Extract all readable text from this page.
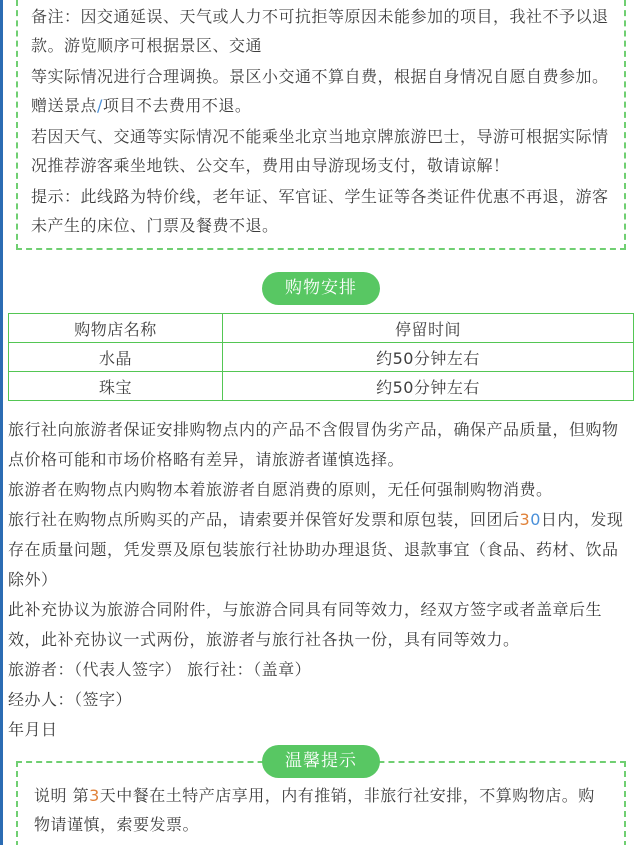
备注：因交通延误、天气或人力不可抗拒等原因未能参加的项目，我社不予以退款。游览顺序可根据景区、交通

等实际情况进行合理调换。景区小交通不算自费，根据自身情况自愿自费参加。赠送景点/项目不去费用不退。

若因天气、交通等实际情况不能乘坐北京当地京牌旅游巴士，导游可根据实际情况推荐游客乘坐地铁、公交车，费用由导游现场支付，敬请谅解！

提示：此线路为特价线，老年证、军官证、学生证等各类证件优惠不再退，游客未产生的床位、门票及餐费不退。

购物安排
购物店名称	停留时间
水晶	约50分钟左右
珠宝	约50分钟左右

旅行社向旅游者保证安排购物点内的产品不含假冒伪劣产品，确保产品质量，但购物点价格可能和市场价格略有差异，请旅游者谨慎选择。

旅游者在购物点内购物本着旅游者自愿消费的原则，无任何强制购物消费。

旅行社在购物点所购买的产品，请索要并保管好发票和原包装，回团后30日内，发现存在质量问题，凭发票及原包装旅行社协助办理退货、退款事宜（食品、药材、饮品除外）

此补充协议为旅游合同附件，与旅游合同具有同等效力，经双方签字或者盖章后生效，此补充协议一式两份，旅游者与旅行社各执一份，具有同等效力。

旅游者：（代表人签字） 旅行社：（盖章）

经办人：（签字）

年月日

温馨提示

说明 第3天中餐在土特产店享用，内有推销，非旅行社安排，不算购物店。购物请谨慎，索要发票。
